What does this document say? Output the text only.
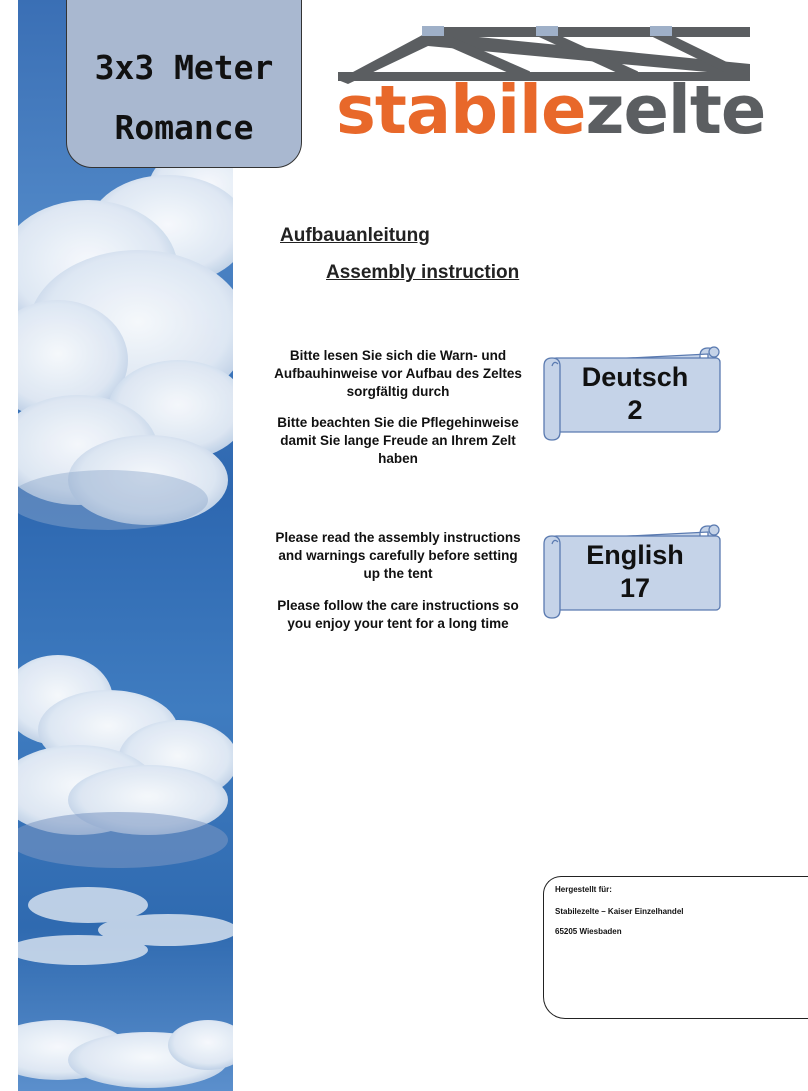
3x3 Meter
Romance	stabilezelte
Aufbauanleitung
Assembly instruction
Bitte lesen Sie sich die Warn- und Aufbauhinweise vor Aufbau des Zeltes sorgfältig durch
Bitte beachten Sie die Pflegehinweise damit Sie lange Freude an Ihrem Zelt haben
Deutsch
2
Please read the assembly instructions and warnings carefully before setting up the tent
Please follow the care instructions so you enjoy your tent for a long time
English
17
Hergestellt für:
Stabilezelte – Kaiser Einzelhandel
65205 Wiesbaden
